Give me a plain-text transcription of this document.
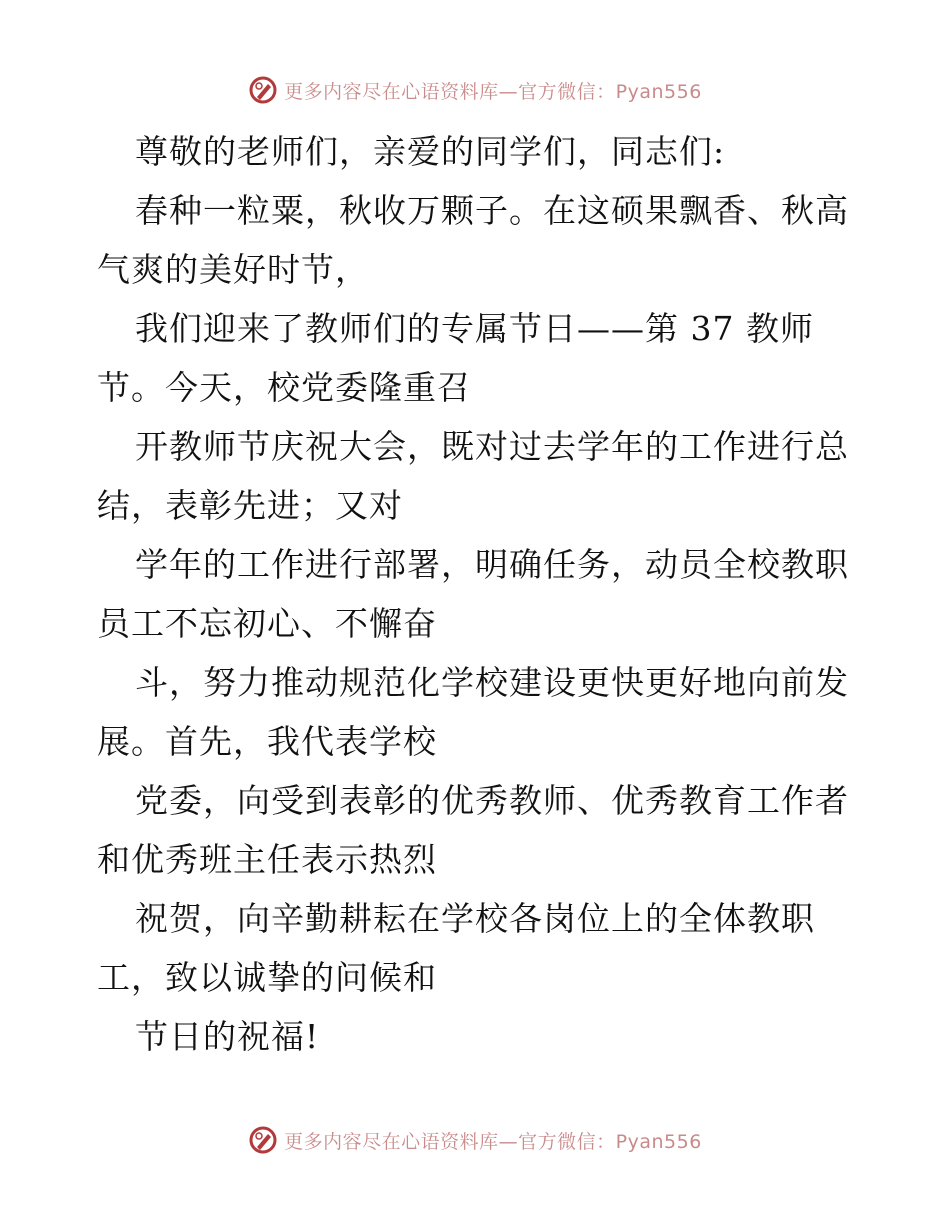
更多内容尽在心语资料库—官方微信：Pyan556
尊敬的老师们，亲爱的同学们，同志们:
春种一粒粟，秋收万颗子。在这硕果飘香、秋高
气爽的美好时节，
我们迎来了教师们的专属节日——第 37 教师
节。今天，校党委隆重召
开教师节庆祝大会，既对过去学年的工作进行总
结，表彰先进；又对
学年的工作进行部署，明确任务，动员全校教职
员工不忘初心、不懈奋
斗，努力推动规范化学校建设更快更好地向前发
展。首先，我代表学校
党委，向受到表彰的优秀教师、优秀教育工作者
和优秀班主任表示热烈
祝贺，向辛勤耕耘在学校各岗位上的全体教职
工，致以诚挚的问候和
节日的祝福!
更多内容尽在心语资料库—官方微信：Pyan556
